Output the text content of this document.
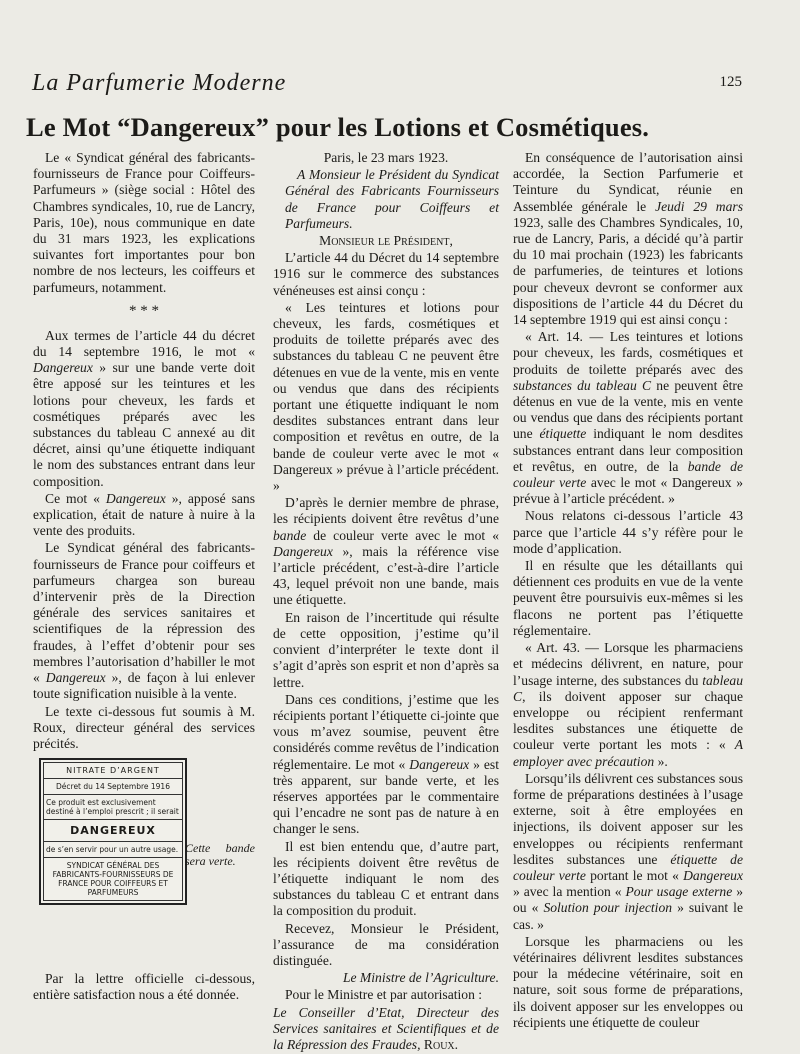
La Parfumerie Moderne	125
Le Mot “Dangereux” pour les Lotions et Cosmétiques.

Le « Syndicat général des fabricants-fournisseurs de France pour Coiffeurs-Parfumeurs » (siège social : Hôtel des Chambres syndicales, 10, rue de Lancry, Paris, 10e), nous communique en date du 31 mars 1923, les explications suivantes fort importantes pour bon nombre de nos lecteurs, les coiffeurs et parfumeurs, notamment.

* * *

Aux termes de l’article 44 du décret du 14 septembre 1916, le mot « Dangereux » sur une bande verte doit être apposé sur les teintures et les lotions pour cheveux, les fards et cosmétiques préparés avec les substances du tableau C annexé au dit décret, ainsi qu’une étiquette indiquant le nom des substances entrant dans leur composition.

Ce mot « Dangereux », apposé sans explication, était de nature à nuire à la vente des produits.

Le Syndicat général des fabricants-fournisseurs de France pour coiffeurs et parfumeurs chargeа son bureau d’intervenir près de la Direction générale des services sanitaires et scientifiques de la répression des fraudes, à l’effet d’obtenir pour ses membres l’autorisation d’habiller le mot « Dangereux », de façon à lui enlever toute signification nuisible à la vente.

Le texte ci-dessous fut soumis à M. Roux, directeur général des services précités.

NITRATE D’ARGENT
Décret du 14 Septembre 1916
Ce produit est exclusivement destiné à l’emploi prescrit ; il serait
DANGEREUX
de s’en servir pour un autre usage.
SYNDICAT GÉNÉRAL DES FABRICANTS-FOURNISSEURS DE FRANCE POUR COIFFEURS ET PARFUMEURS
Cette bande sera verte.

Par la lettre officielle ci-dessous, entière satisfaction nous a été donnée.

Paris, le 23 mars 1923.

A Monsieur le Président du Syndicat Général des Fabricants Fournisseurs de France pour Coiffeurs et Parfumeurs.

Monsieur le Président,

L’article 44 du Décret du 14 septembre 1916 sur le commerce des substances vénéneuses est ainsi conçu :

« Les teintures et lotions pour cheveux, les fards, cosmétiques et produits de toilette préparés avec des substances du tableau C ne peuvent être détenues en vue de la vente, mis en vente ou vendus que dans des récipients portant une étiquette indiquant le nom desdites substances entrant dans leur composition et revêtus en outre, de la bande de couleur verte avec le mot « Dangereux » prévue à l’article précédent. »

D’après le dernier membre de phrase, les récipients doivent être revêtus d’une bande de couleur verte avec le mot « Dangereux », mais la référence vise l’article précédent, c’est-à-dire l’article 43, lequel prévoit non une bande, mais une étiquette.

En raison de l’incertitude qui résulte de cette opposition, j’estime qu’il convient d’interpréter le texte dont il s’agit d’après son esprit et non d’après sa lettre.

Dans ces conditions, j’estime que les récipients portant l’étiquette ci-jointe que vous m’avez soumise, peuvent être considérés comme revêtus de l’indication réglementaire. Le mot « Dangereux » est très apparent, sur bande verte, et les réserves apportées par le commentaire qui l’encadre ne sont pas de nature à en changer le sens.

Il est bien entendu que, d’autre part, les récipients doivent être revêtus de l’étiquette indiquant le nom des substances du tableau C et entrant dans la composition du produit.

Recevez, Monsieur le Président, l’assurance de ma considération distinguée.

Le Ministre de l’Agriculture.

Pour le Ministre et par autorisation :

Le Conseiller d’Etat, Directeur des Services sanitaires et Scientifiques et de la Répression des Fraudes, Roux.

En conséquence de l’autorisation ainsi accordée, la Section Parfumerie et Teinture du Syndicat, réunie en Assemblée générale le Jeudi 29 mars 1923, salle des Chambres Syndicales, 10, rue de Lancry, Paris, a décidé qu’à partir du 10 mai prochain (1923) les fabricants de parfumeries, de teintures et lotions pour cheveux devront se conformer aux dispositions de l’article 44 du Décret du 14 septembre 1919 qui est ainsi conçu :

« Art. 14. — Les teintures et lotions pour cheveux, les fards, cosmétiques et produits de toilette préparés avec des substances du tableau C ne peuvent être détenus en vue de la vente, mis en vente ou vendus que dans des récipients portant une étiquette indiquant le nom desdites substances entrant dans leur composition et revêtus, en outre, de la bande de couleur verte avec le mot « Dangereux » prévue à l’article précédent. »

Nous relatons ci-dessous l’article 43 parce que l’article 44 s’y réfère pour le mode d’application.

Il en résulte que les détaillants qui détiennent ces produits en vue de la vente peuvent être poursuivis eux-mêmes si les flacons ne portent pas l’étiquette réglementaire.

« Art. 43. — Lorsque les pharmaciens et médecins délivrent, en nature, pour l’usage interne, des substances du tableau C, ils doivent apposer sur chaque enveloppe ou récipient renfermant lesdites substances une étiquette de couleur verte portant les mots : « A employer avec précaution ».

Lorsqu’ils délivrent ces substances sous forme de préparations destinées à l’usage externe, soit à être employées en injections, ils doivent apposer sur les enveloppes ou récipients renfermant lesdites substances une étiquette de couleur verte portant le mot « Dangereux » avec la mention « Pour usage externe » ou « Solution pour injection » suivant le cas. »

Lorsque les pharmaciens ou les vétérinaires délivrent lesdites substances pour la médecine vétérinaire, soit en nature, soit sous forme de préparations, ils doivent apposer sur les enveloppes ou récipients une étiquette de couleur
